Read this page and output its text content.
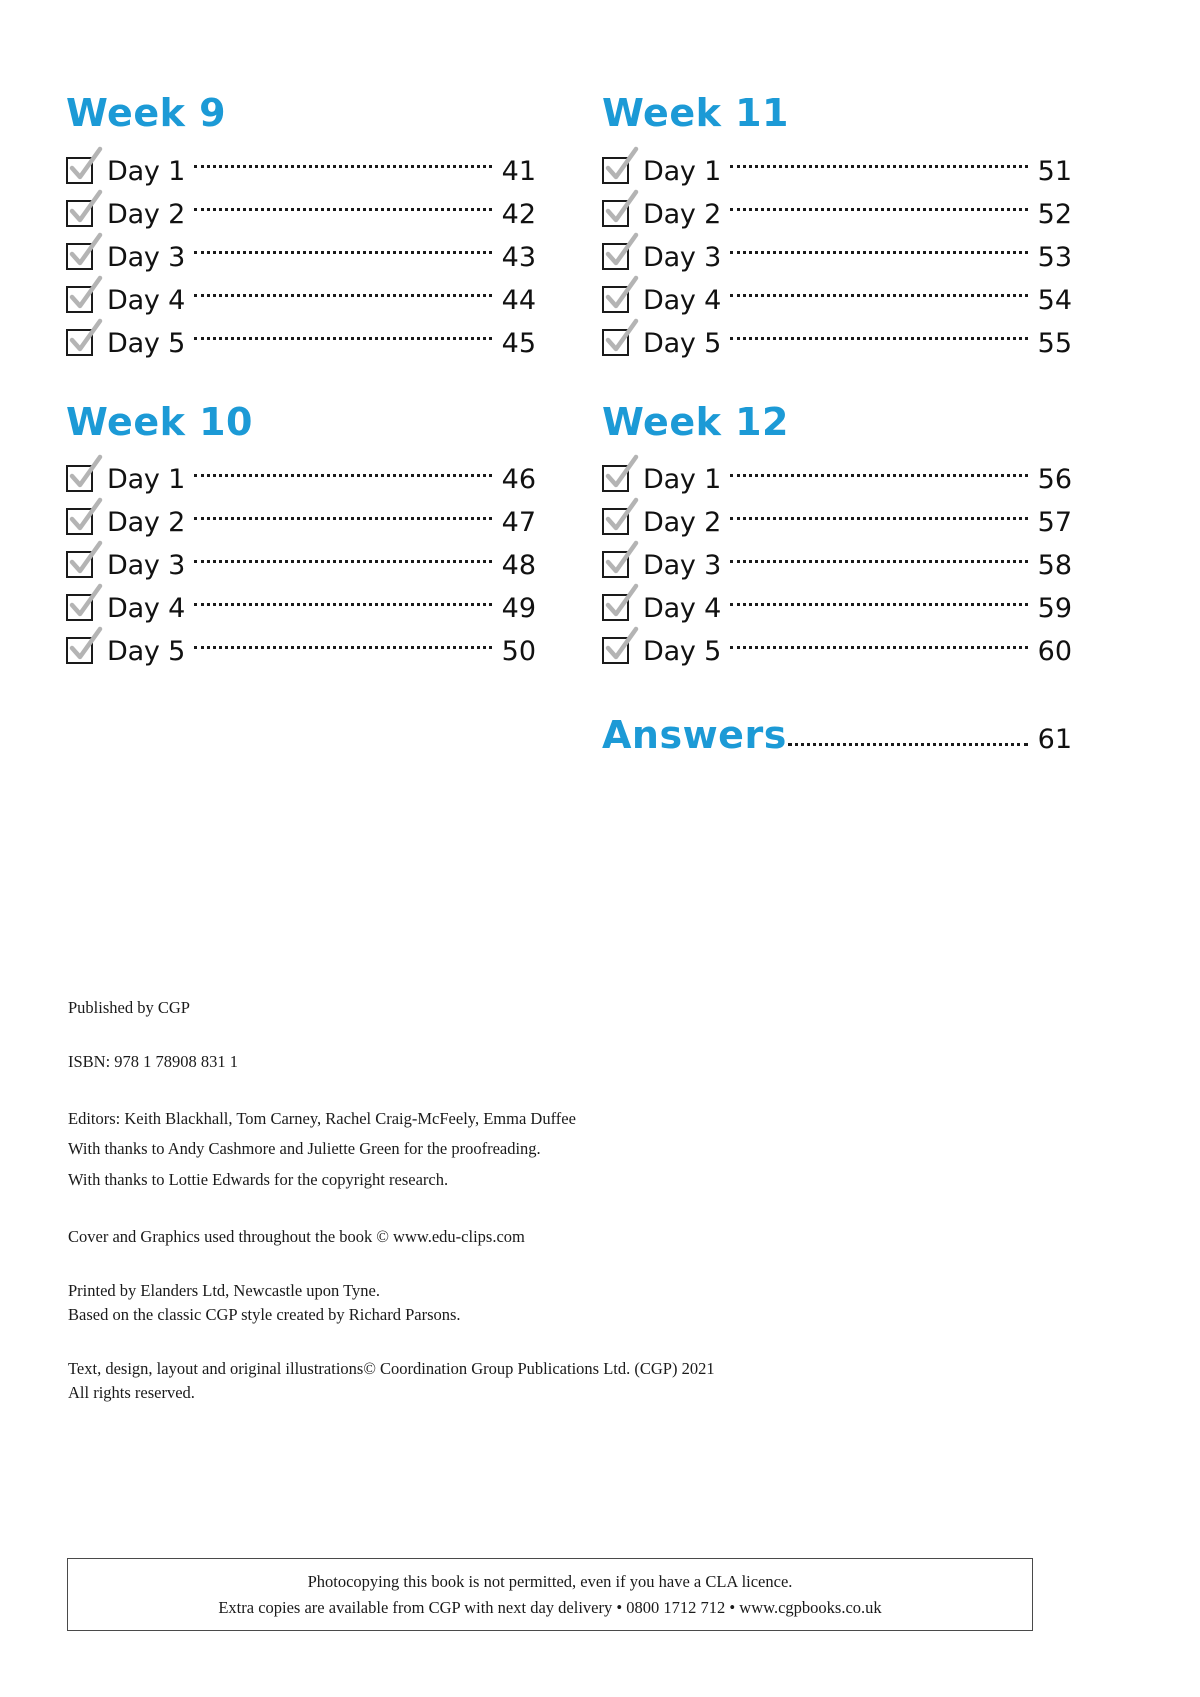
Week 9
Day 1	41
Day 2	42
Day 3	43
Day 4	44
Day 5	45
Week 10
Day 1	46
Day 2	47
Day 3	48
Day 4	49
Day 5	50
Week 11
Day 1	51
Day 2	52
Day 3	53
Day 4	54
Day 5	55
Week 12
Day 1	56
Day 2	57
Day 3	58
Day 4	59
Day 5	60
Answers	61
Published by CGP
ISBN: 978 1 78908 831 1
Editors: Keith Blackhall, Tom Carney, Rachel Craig-McFeely, Emma Duffee
With thanks to Andy Cashmore and Juliette Green for the proofreading.
With thanks to Lottie Edwards for the copyright research.
Cover and Graphics used throughout the book © www.edu-clips.com
Printed by Elanders Ltd, Newcastle upon Tyne.
Based on the classic CGP style created by Richard Parsons.
Text, design, layout and original illustrations© Coordination Group Publications Ltd. (CGP) 2021
All rights reserved.
Photocopying this book is not permitted, even if you have a CLA licence.
Extra copies are available from CGP with next day delivery • 0800 1712 712 • www.cgpbooks.co.uk
